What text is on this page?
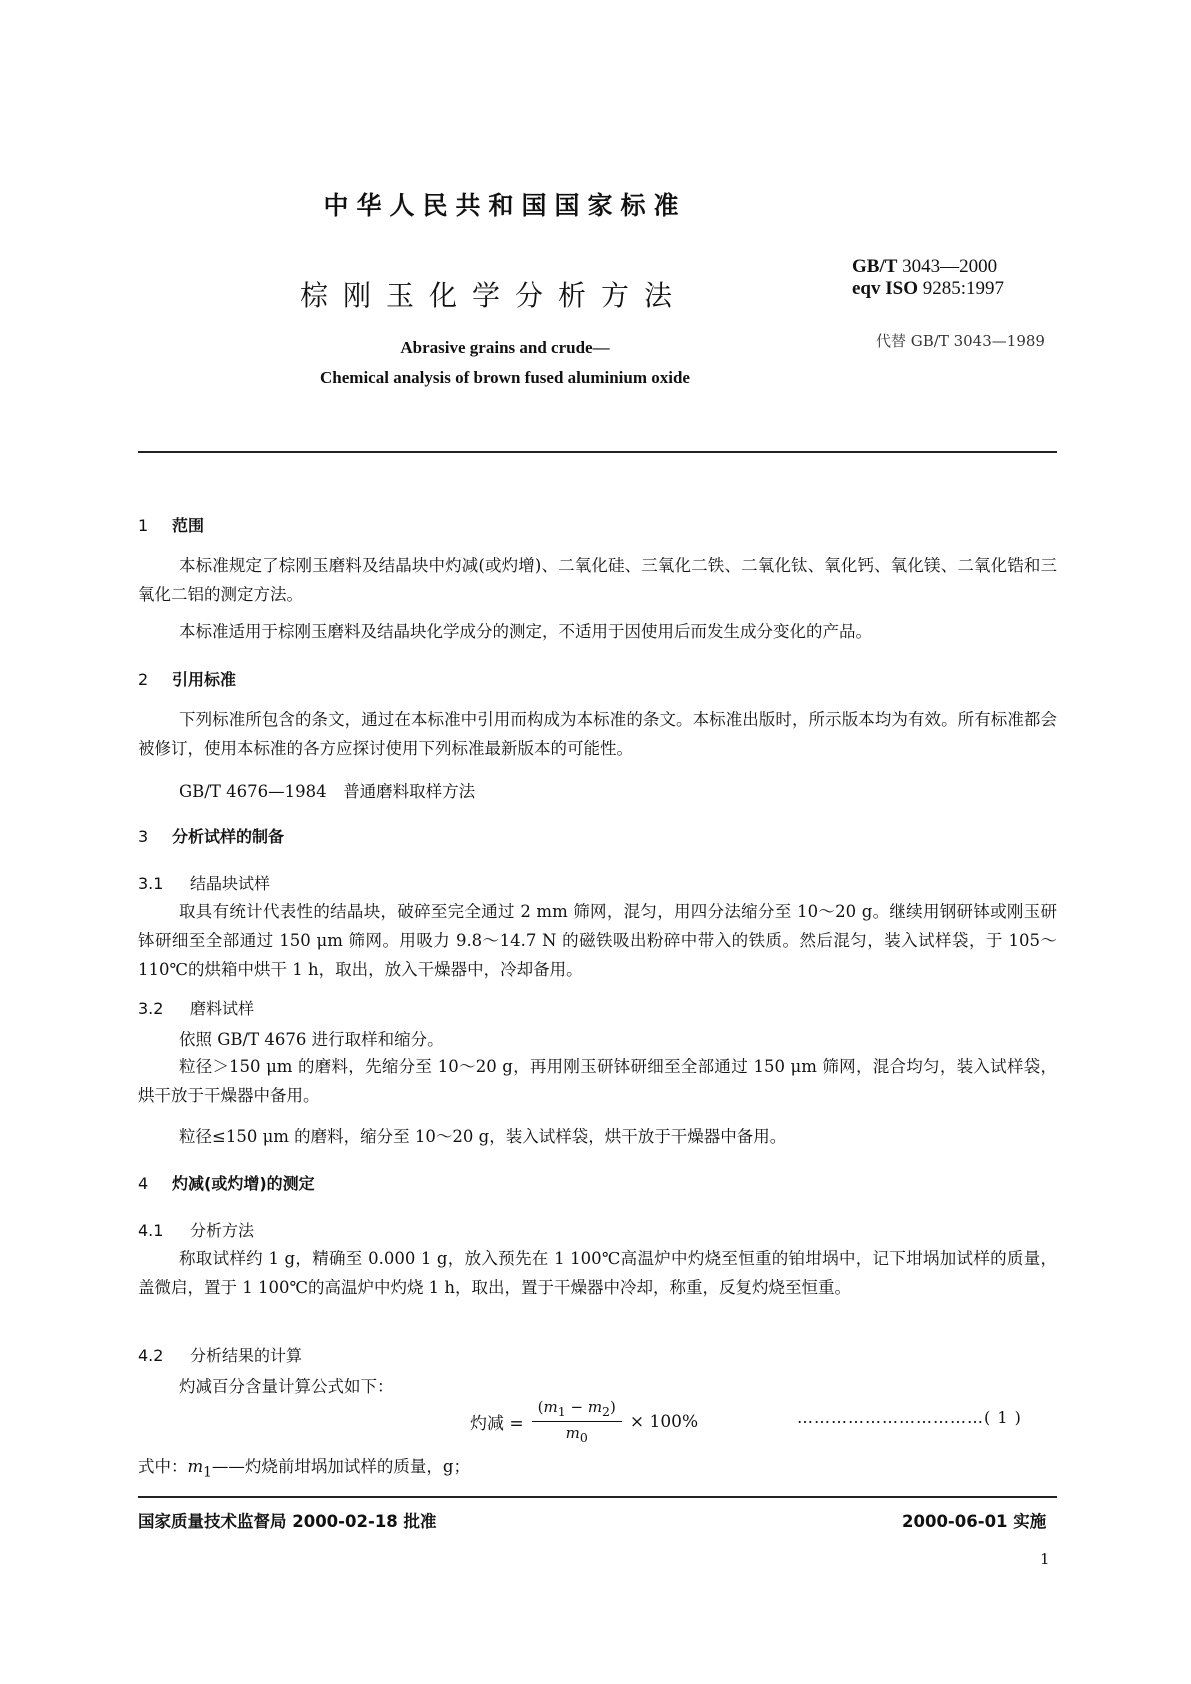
中华人民共和国国家标准
棕刚玉化学分析方法
GB/T 3043—2000
eqv ISO 9285:1997
代替 GB/T 3043—1989
Abrasive grains and crude—
Chemical analysis of brown fused aluminium oxide
1 范围
本标准规定了棕刚玉磨料及结晶块中灼减(或灼增)、二氧化硅、三氧化二铁、二氧化钛、氧化钙、氧化镁、二氧化锆和三氧化二铝的测定方法。
本标准适用于棕刚玉磨料及结晶块化学成分的测定，不适用于因使用后而发生成分变化的产品。
2 引用标准
下列标准所包含的条文，通过在本标准中引用而构成为本标准的条文。本标准出版时，所示版本均为有效。所有标准都会被修订，使用本标准的各方应探讨使用下列标准最新版本的可能性。
GB/T 4676—1984　普通磨料取样方法
3 分析试样的制备
3.1 结晶块试样
取具有统计代表性的结晶块，破碎至完全通过 2 mm 筛网，混匀，用四分法缩分至 10～20 g。继续用钢研钵或刚玉研钵研细至全部通过 150 μm 筛网。用吸力 9.8～14.7 N 的磁铁吸出粉碎中带入的铁质。然后混匀，装入试样袋，于 105～110℃的烘箱中烘干 1 h，取出，放入干燥器中，冷却备用。
3.2 磨料试样
依照 GB/T 4676 进行取样和缩分。
粒径＞150 μm 的磨料，先缩分至 10～20 g，再用刚玉研钵研细至全部通过 150 μm 筛网，混合均匀，装入试样袋，烘干放于干燥器中备用。
粒径≤150 μm 的磨料，缩分至 10～20 g，装入试样袋，烘干放于干燥器中备用。
4 灼减(或灼增)的测定
4.1 分析方法
称取试样约 1 g，精确至 0.000 1 g，放入预先在 1 100℃高温炉中灼烧至恒重的铂坩埚中，记下坩埚加试样的质量，盖微启，置于 1 100℃的高温炉中灼烧 1 h，取出，置于干燥器中冷却，称重，反复灼烧至恒重。
4.2 分析结果的计算
灼减百分含量计算公式如下：
灼减 = $\frac{(m_1 - m_2)}{m_0} \times 100\%$	……………………………( 1 )
式中：$m_1——$灼烧前坩埚加试样的质量，g；
国家质量技术监督局 2000-02-18 批准	2000-06-01 实施
1
